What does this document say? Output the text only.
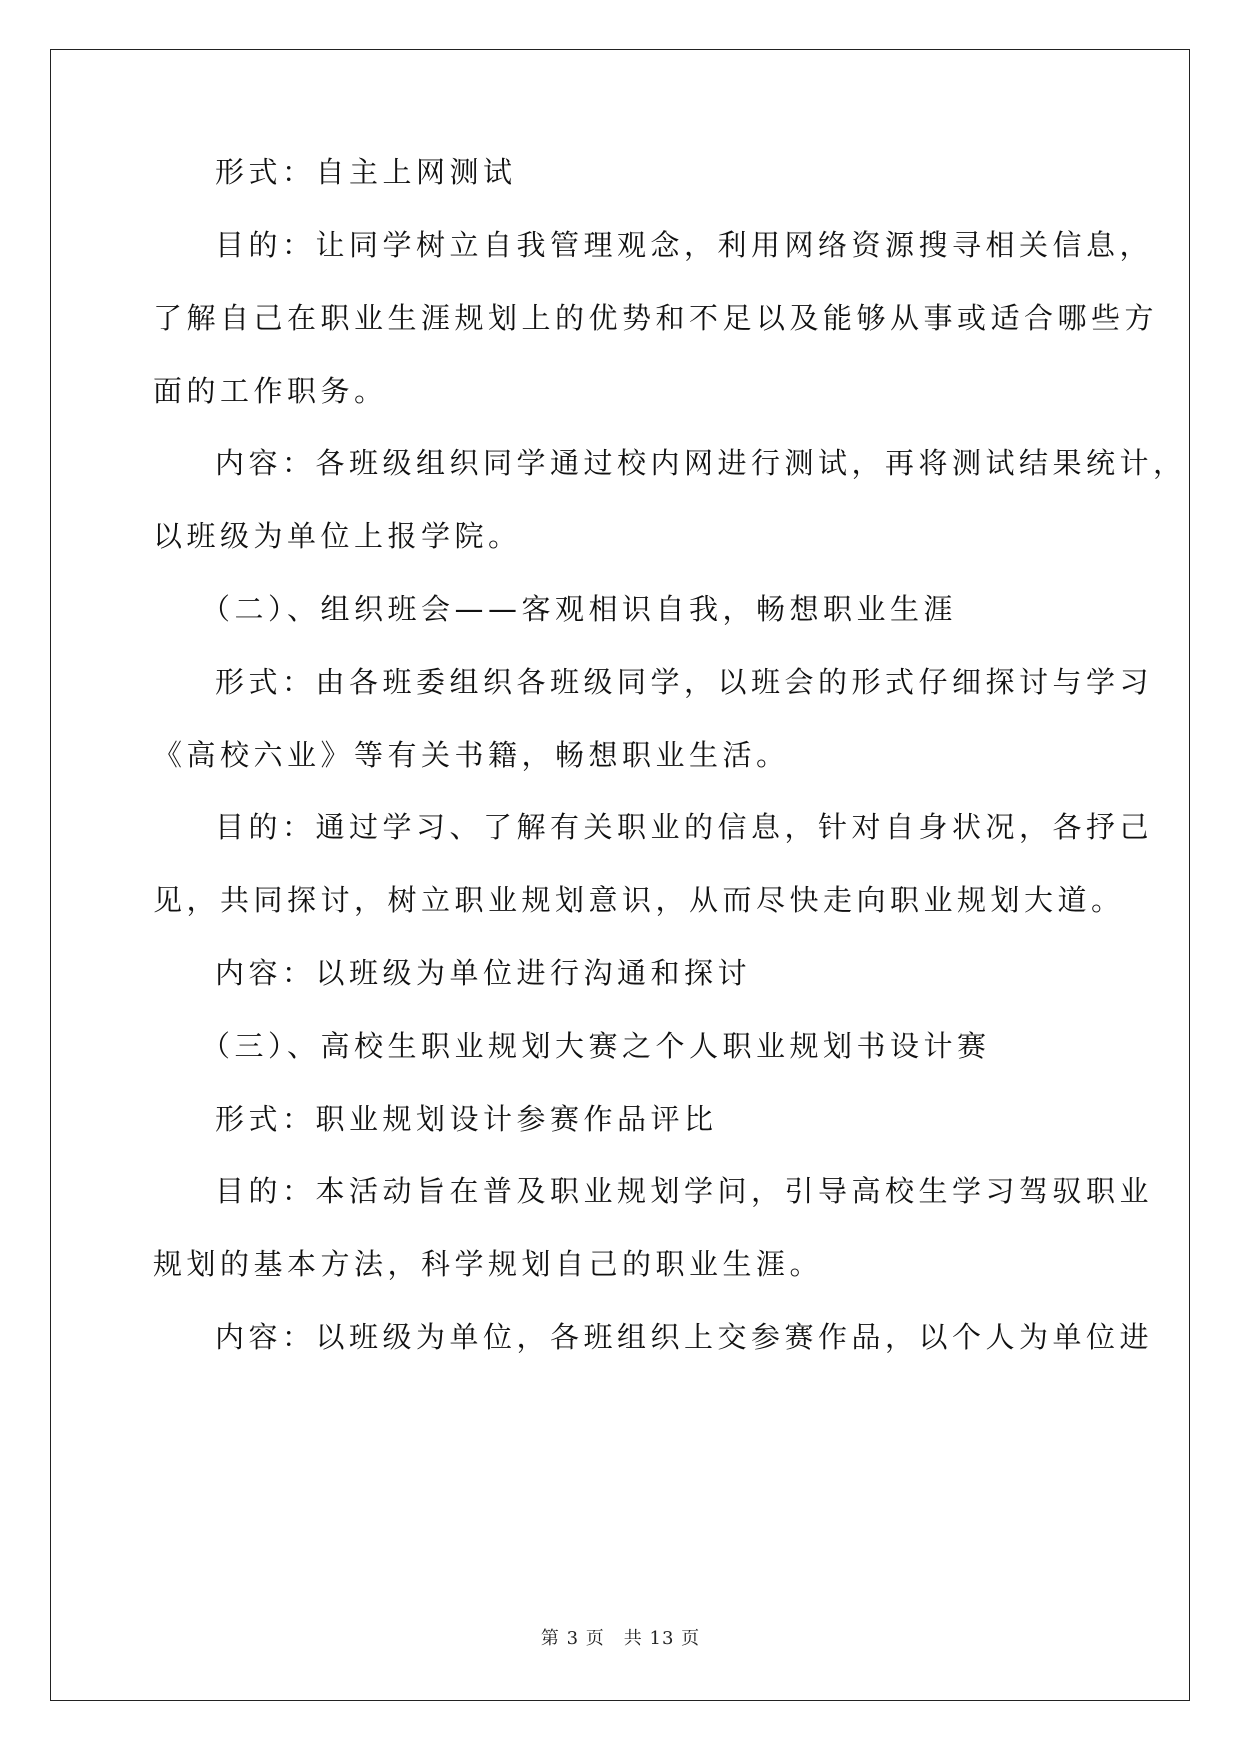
形式：自主上网测试
目的：让同学树立自我管理观念，利用网络资源搜寻相关信息，
了解自己在职业生涯规划上的优势和不足以及能够从事或适合哪些方
面的工作职务。
内容：各班级组织同学通过校内网进行测试，再将测试结果统计，
以班级为单位上报学院。
（二）、组织班会——客观相识自我，畅想职业生涯
形式：由各班委组织各班级同学，以班会的形式仔细探讨与学习
《高校六业》等有关书籍，畅想职业生活。
目的：通过学习、了解有关职业的信息，针对自身状况，各抒己
见，共同探讨，树立职业规划意识，从而尽快走向职业规划大道。
内容：以班级为单位进行沟通和探讨
（三）、高校生职业规划大赛之个人职业规划书设计赛
形式：职业规划设计参赛作品评比
目的：本活动旨在普及职业规划学问，引导高校生学习驾驭职业
规划的基本方法，科学规划自己的职业生涯。
内容：以班级为单位，各班组织上交参赛作品，以个人为单位进
第 3 页　共 13 页
